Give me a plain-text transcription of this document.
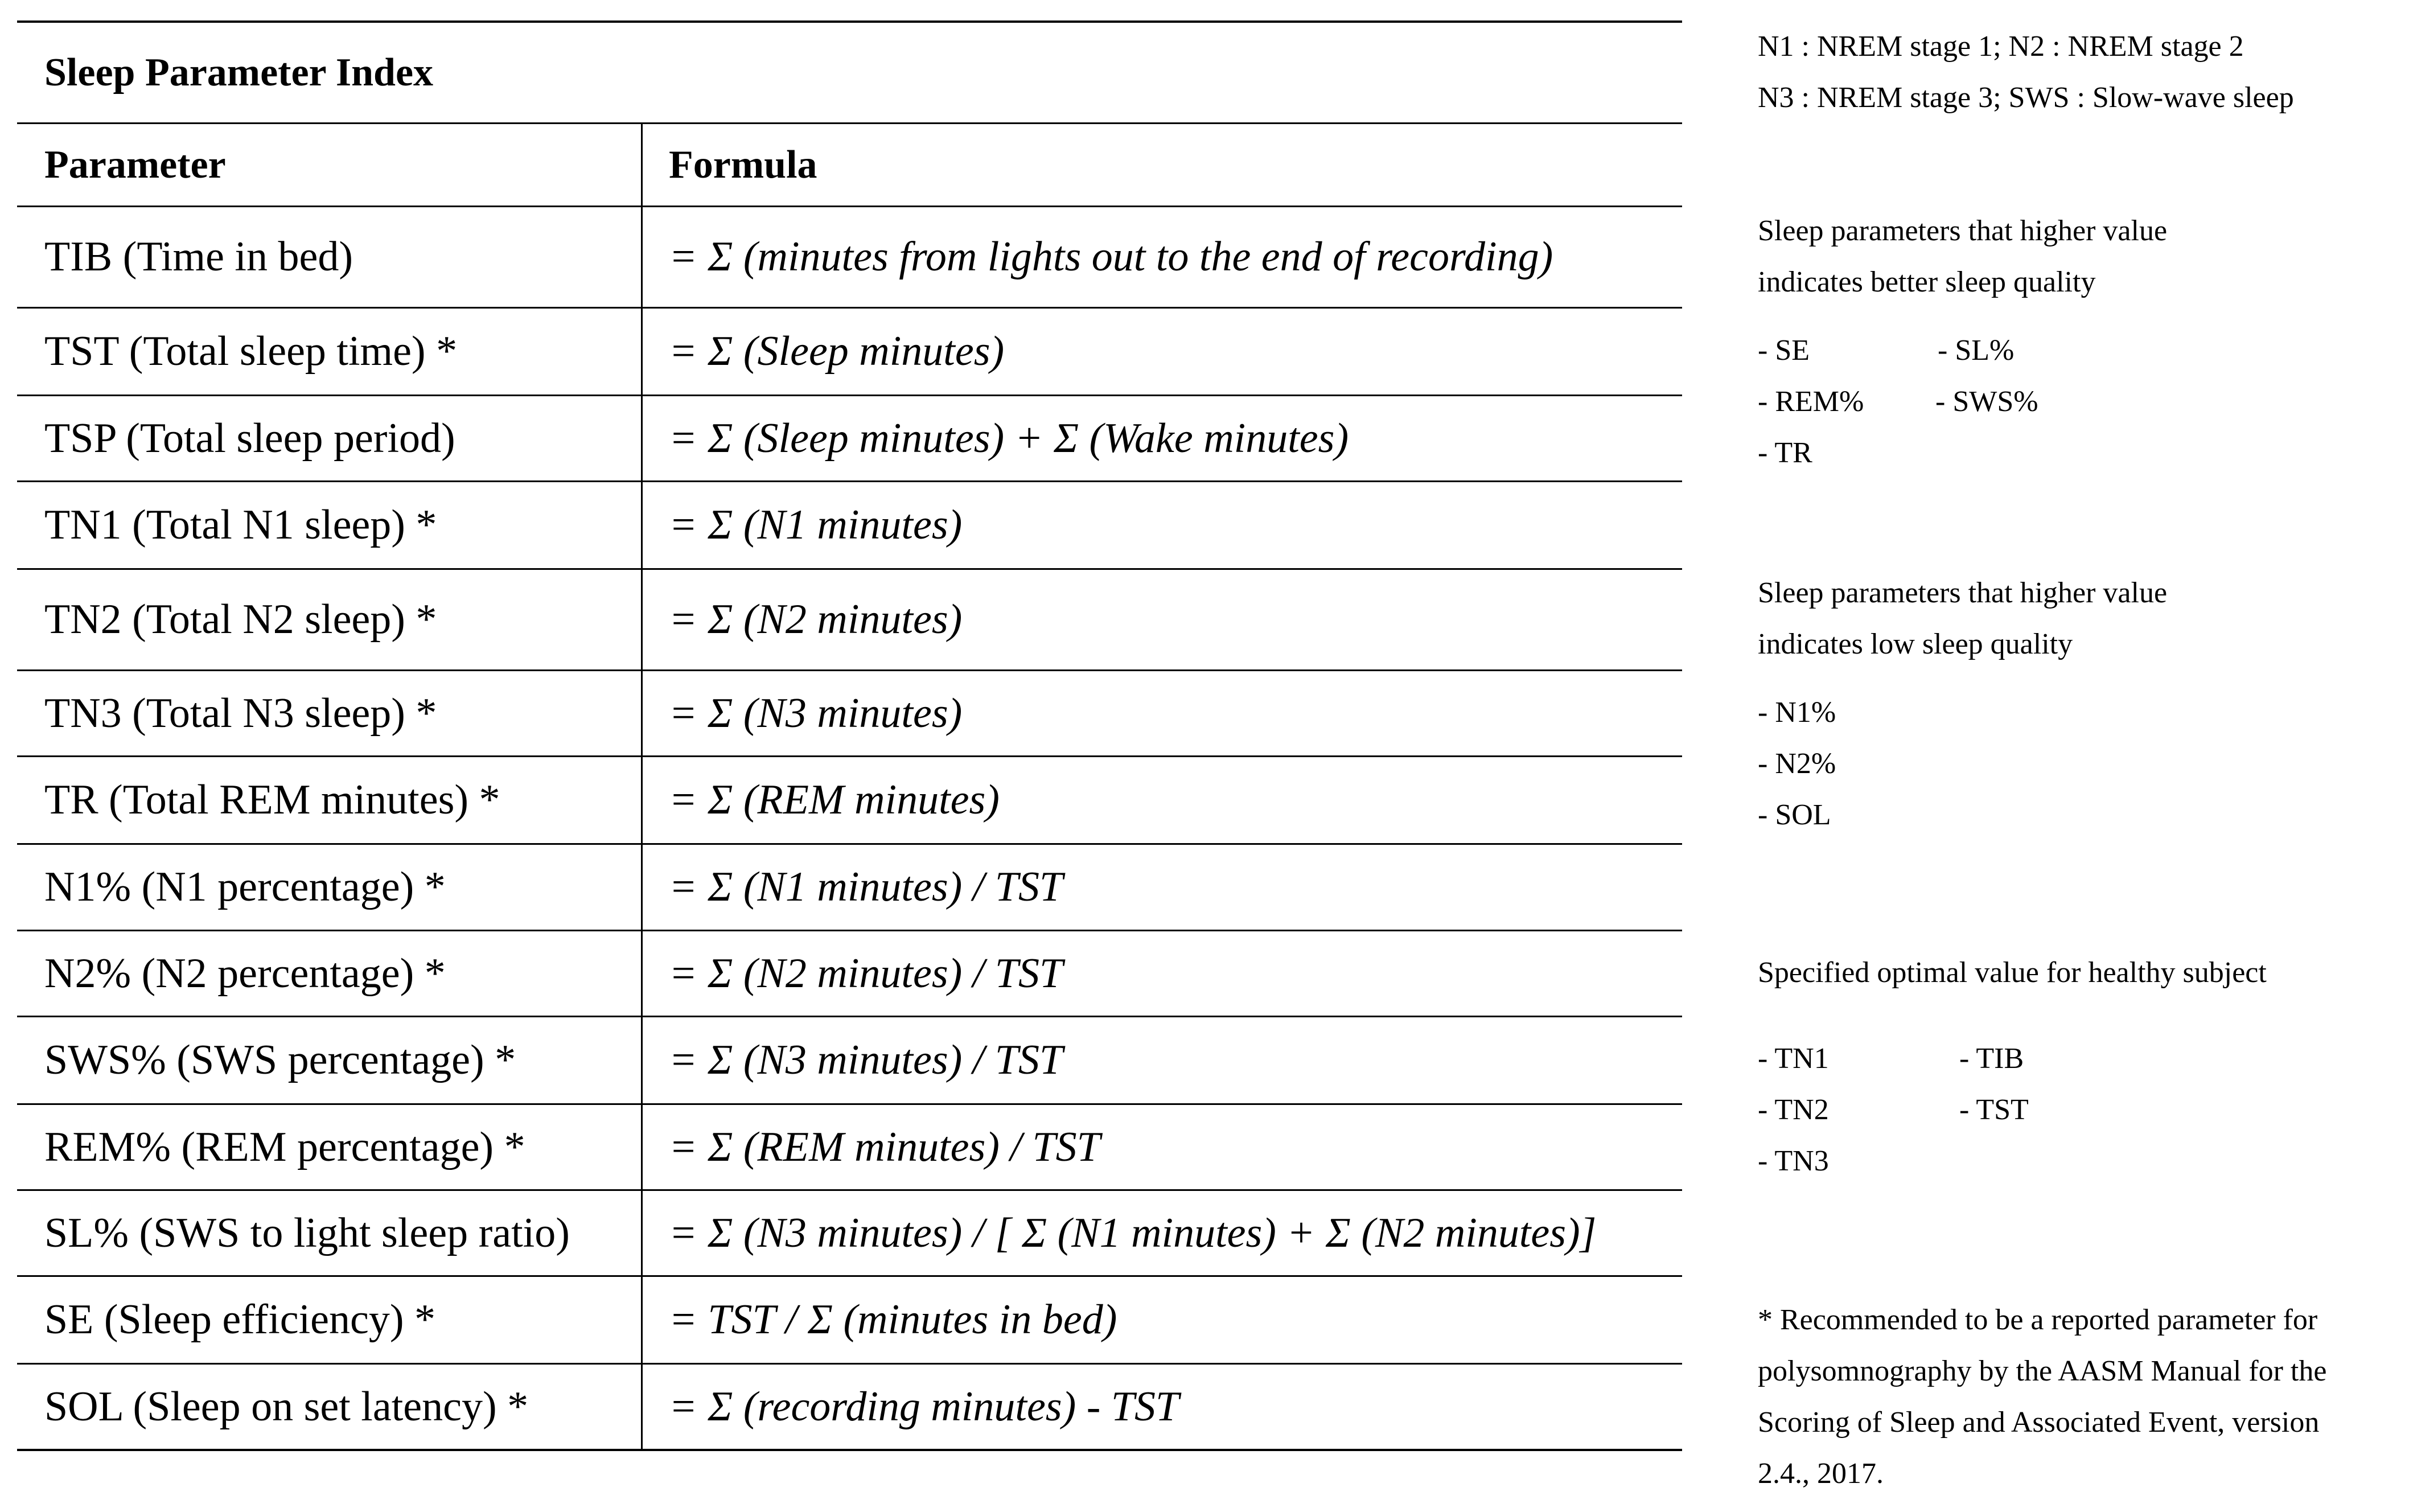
Sleep Parameter Index
Parameter	Formula
TIB (Time in bed)	= Σ (minutes from lights out to the end of recording)
TST (Total sleep time) *	= Σ (Sleep minutes)
TSP (Total sleep period)	= Σ (Sleep minutes) + Σ (Wake minutes)
TN1 (Total N1 sleep) *	= Σ (N1 minutes)
TN2 (Total N2 sleep) *	= Σ (N2 minutes)
TN3 (Total N3 sleep) *	= Σ (N3 minutes)
TR (Total REM minutes) *	= Σ (REM minutes)
N1% (N1 percentage) *	= Σ (N1 minutes) / TST
N2% (N2 percentage) *	= Σ (N2 minutes) / TST
SWS% (SWS percentage) *	= Σ (N3 minutes) / TST
REM% (REM percentage) *	= Σ (REM minutes) / TST
SL% (SWS to light sleep ratio)	= Σ (N3 minutes) / [ Σ (N1 minutes) + Σ (N2 minutes)]
SE (Sleep efficiency) *	= TST / Σ (minutes in bed)
SOL (Sleep on set latency) *	= Σ (recording minutes) - TST
N1 : NREM stage 1; N2 : NREM stage 2
N3 : NREM stage 3; SWS : Slow-wave sleep
Sleep parameters that higher value
indicates better sleep quality
- SE
- REM%
- TR
- SL%
- SWS%
Sleep parameters that higher value
indicates low sleep quality
- N1%
- N2%
- SOL
Specified optimal value for healthy subject
- TN1
- TN2
- TN3
- TIB
- TST
* Recommended to be a reported parameter for
polysomnography by the AASM Manual for the
Scoring of Sleep and Associated Event, version
2.4., 2017.
